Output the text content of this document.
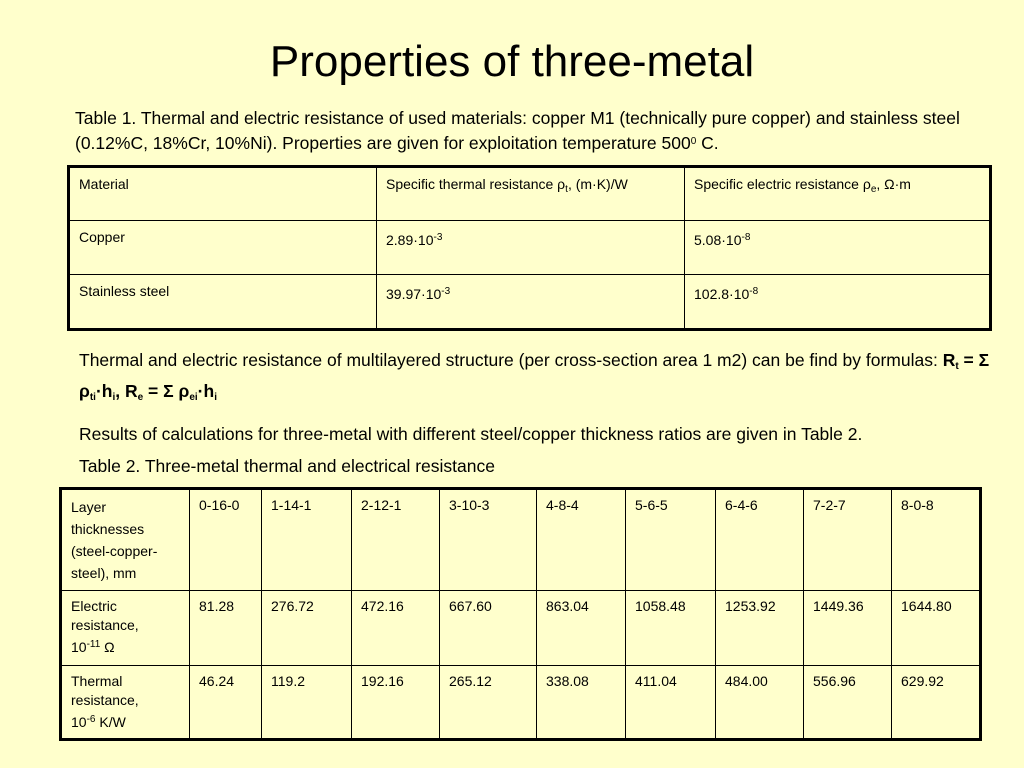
Properties of three-metal
Table 1. Thermal and electric resistance of used materials: copper M1 (technically pure copper) and stainless steel (0.12%C, 18%Cr, 10%Ni). Properties are given for exploitation temperature $500^0$ C.
Material	Specific thermal resistance $\rho_t$, (m·K)/W	Specific electric resistance $\rho_e$, Ω·m
Copper	$2.89\cdot 10^{-3}$	$5.08\cdot 10^{-8}$
Stainless steel	$39.97\cdot 10^{-3}$	$102.8\cdot 10^{-8}$
Thermal and electric resistance of multilayered structure (per cross-section area 1 m2) can be find by formulas: $R_t = \Sigma$ $\rho_{ti}\cdot h_i$, $R_e = \Sigma$ $\rho_{ei}\cdot h_i$
Results of calculations for three-metal with different steel/copper thickness ratios are given in Table 2.
Table 2. Three-metal thermal and electrical resistance
Layer thicknesses (steel-copper-steel), mm	0-16-0	1-14-1	2-12-1	3-10-3	4-8-4	5-6-5	6-4-6	7-2-7	8-0-8
Electric resistance,
$10^{-11}$ Ω	81.28	276.72	472.16	667.60	863.04	1058.48	1253.92	1449.36	1644.80
Thermal resistance,
$10^{-6}$ K/W	46.24	119.2	192.16	265.12	338.08	411.04	484.00	556.96	629.92
